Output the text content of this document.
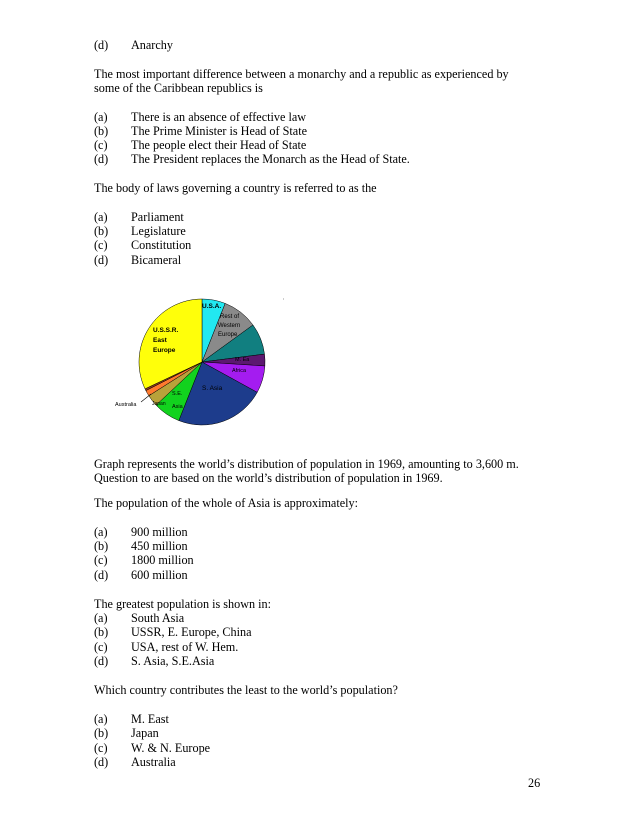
(d) Anarchy
The most important difference between a monarchy and a republic as experienced by
some of the Caribbean republics is
(a) There is an absence of effective law
(b) The Prime Minister is Head of State
(c) The people elect their Head of State
(d) The President replaces the Monarch as the Head of State.
The body of laws governing a country is referred to as the
(a) Parliament
(b) Legislature
(c) Constitution
(d) Bicameral
U.S.A.
Rest of
Western
Europe
U.S.S.R.
East
Europe
M. Ea
Africa
S. Asia
S.E.
Asia
Japan
Australia
Graph represents the world’s distribution of population in 1969, amounting to 3,600 m.
Question to are based on the world’s distribution of population in 1969.
The population of the whole of Asia is approximately:
(a) 900 million
(b) 450 million
(c) 1800 million
(d) 600 million
The greatest population is shown in:
(a) South Asia
(b) USSR, E. Europe, China
(c) USA, rest of W. Hem.
(d) S. Asia, S.E.Asia
Which country contributes the least to the world’s population?
(a) M. East
(b) Japan
(c) W. & N. Europe
(d) Australia
26
